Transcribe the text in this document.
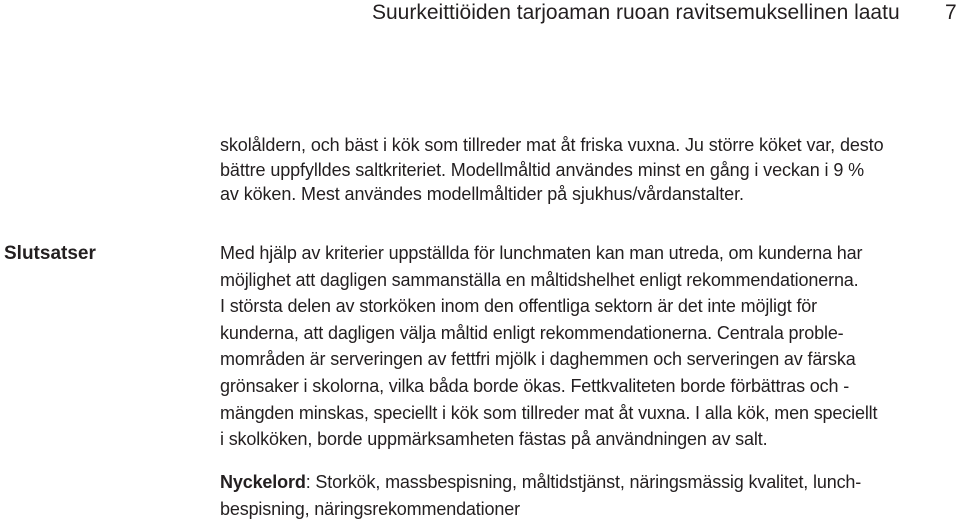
Suurkeittiöiden tarjoaman ruoan ravitsemuksellinen laatu 7

skolåldern, och bäst i kök som tillreder mat åt friska vuxna. Ju större köket var, desto
bättre uppfylldes saltkriteriet. Modellmåltid användes minst en gång i veckan i 9 %
av köken. Mest användes modellmåltider på sjukhus/vårdanstalter.

Slutsatser	Med hjälp av kriterier uppställda för lunchmaten kan man utreda, om kunderna har
möjlighet att dagligen sammanställa en måltidshelhet enligt rekommendationerna.
I största delen av storköken inom den offentliga sektorn är det inte möjligt för
kunderna, att dagligen välja måltid enligt rekommendationerna. Centrala proble-
mområden är serveringen av fettfri mjölk i daghemmen och serveringen av färska
grönsaker i skolorna, vilka båda borde ökas. Fettkvaliteten borde förbättras och -
mängden minskas, speciellt i kök som tillreder mat åt vuxna. I alla kök, men speciellt
i skolköken, borde uppmärksamheten fästas på användningen av salt.

Nyckelord: Storkök, massbespisning, måltidstjänst, näringsmässig kvalitet, lunch-
bespisning, näringsrekommendationer
